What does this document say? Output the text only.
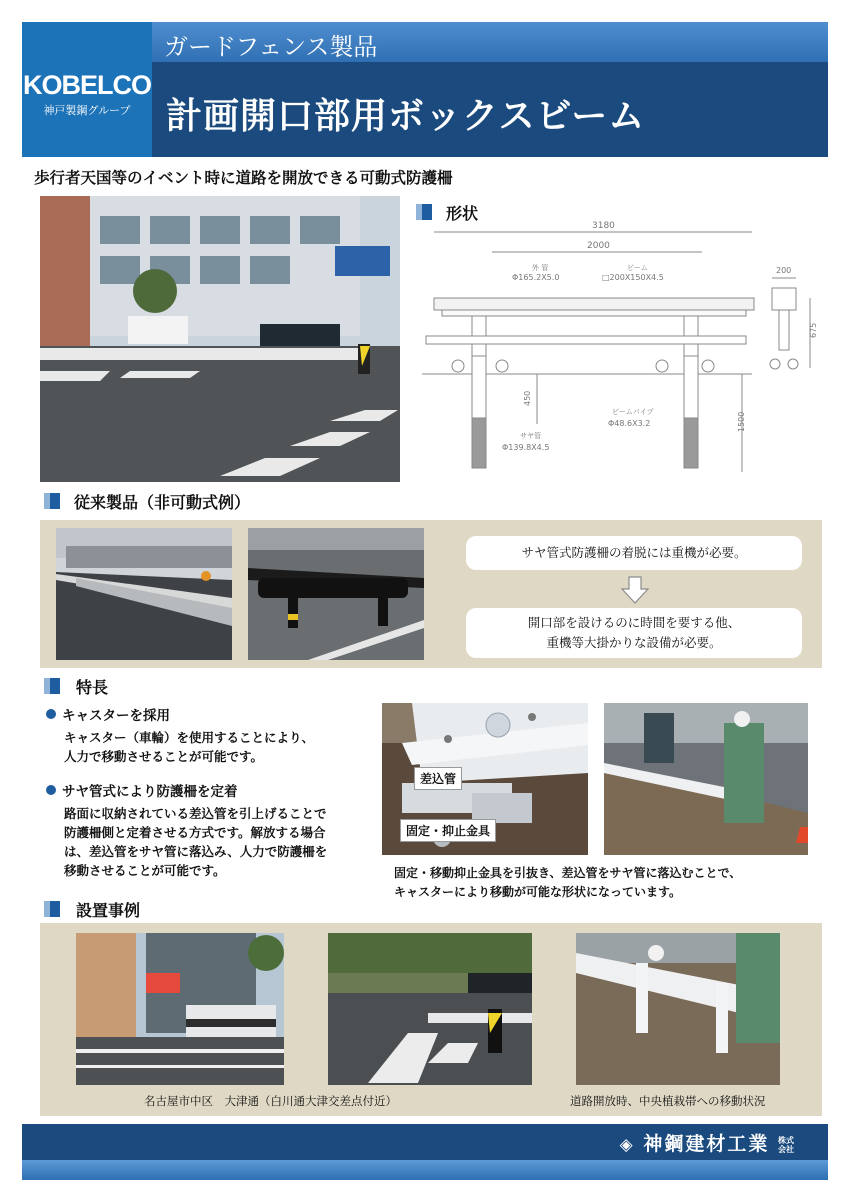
KOBELCO
神戸製鋼グループ
ガードフェンス製品
計画開口部用ボックスビーム
歩行者天国等のイベント時に道路を開放できる可動式防護柵
形状
3180
2000
外 管
Φ165.2X5.0
ビーム
□200X150X4.5
450
ビームパイプ
Φ48.6X3.2
サヤ管
Φ139.8X4.5
1500
200
675
従来製品（非可動式例）
サヤ管式防護柵の着脱には重機が必要。
開口部を設けるのに時間を要する他、
重機等大掛かりな設備が必要。
特長
キャスターを採用
キャスター（車輪）を使用することにより、
人力で移動させることが可能です。
サヤ管式により防護柵を定着
路面に収納されている差込管を引上げることで
防護柵側と定着させる方式です。解放する場合
は、差込管をサヤ管に落込み、人力で防護柵を
移動させることが可能です。
差込管
固定・抑止金具
固定・移動抑止金具を引抜き、差込管をサヤ管に落込むことで、
キャスターにより移動が可能な形状になっています。
設置事例
名古屋市中区　大津通（白川通大津交差点付近）	道路開放時、中央植栽帯への移動状況
◈ 神鋼建材工業 株式会社
